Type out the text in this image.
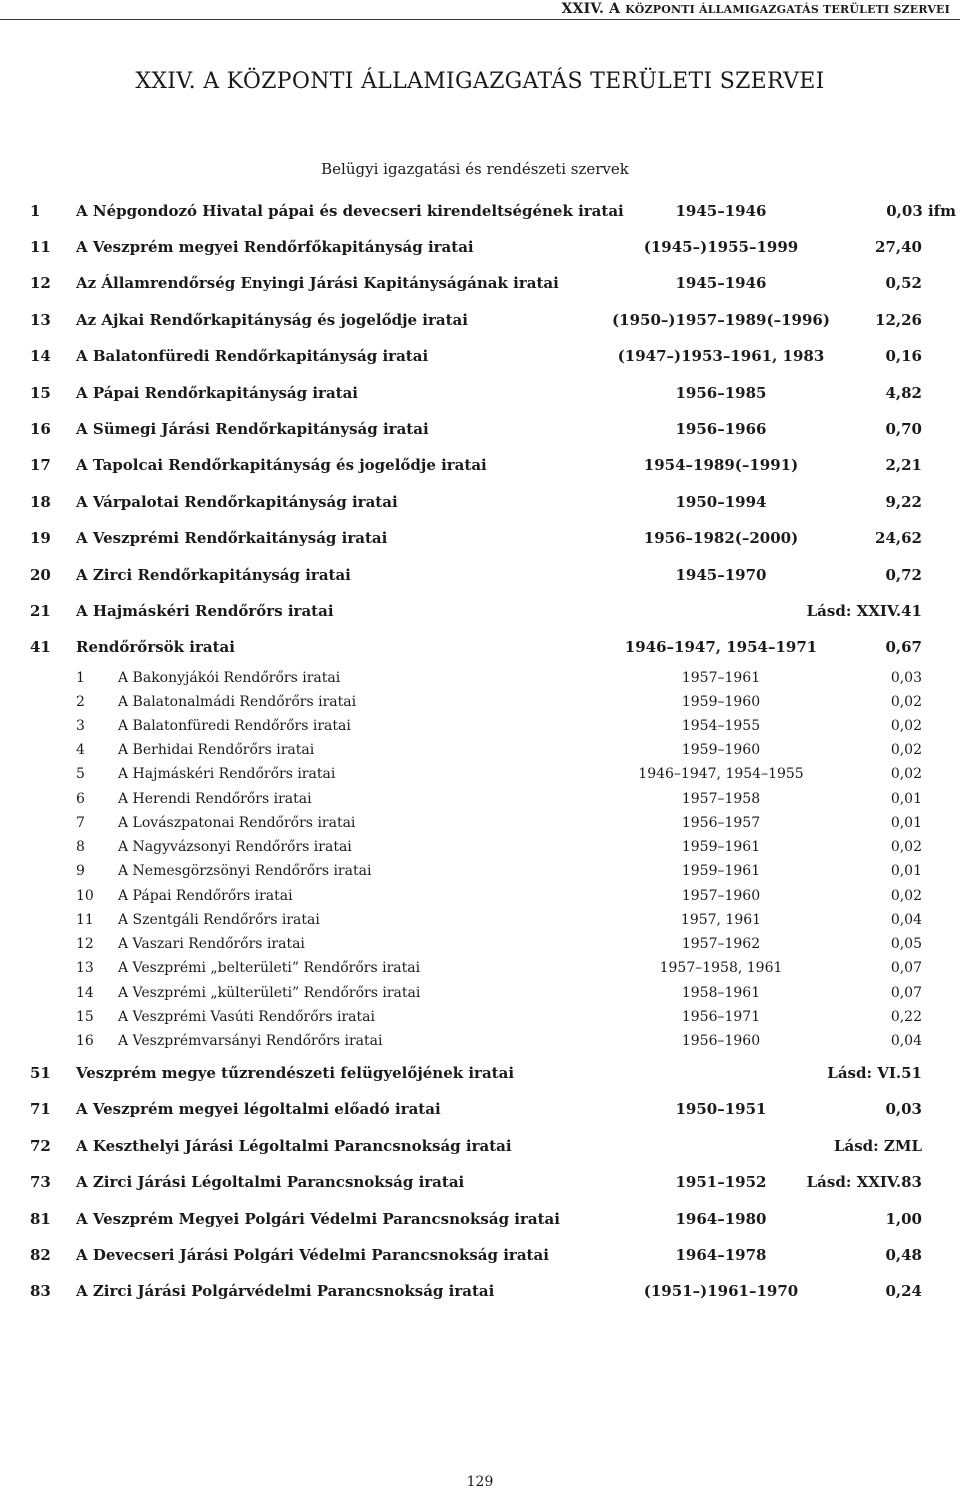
XXIV. A KÖZPONTI ÁLLAMIGAZGATÁS TERÜLETI SZERVEI
XXIV. A KÖZPONTI ÁLLAMIGAZGATÁS TERÜLETI SZERVEI
Belügyi igazgatási és rendészeti szervek
1 A Népgondozó Hivatal pápai és devecseri kirendeltségének iratai	1945–1946	0,03 ifm
11 A Veszprém megyei Rendőrfőkapitányság iratai	(1945–)1955–1999	27,40
12 Az Államrendőrség Enyingi Járási Kapitányságának iratai	1945–1946	0,52
13 Az Ajkai Rendőrkapitányság és jogelődje iratai	(1950–)1957–1989(–1996)	12,26
14 A Balatonfüredi Rendőrkapitányság iratai	(1947–)1953–1961, 1983	0,16
15 A Pápai Rendőrkapitányság iratai	1956–1985	4,82
16 A Sümegi Járási Rendőrkapitányság iratai	1956–1966	0,70
17 A Tapolcai Rendőrkapitányság és jogelődje iratai	1954–1989(–1991)	2,21
18 A Várpalotai Rendőrkapitányság iratai	1950–1994	9,22
19 A Veszprémi Rendőrkaitányság iratai	1956–1982(–2000)	24,62
20 A Zirci Rendőrkapitányság iratai	1945–1970	0,72
21 A Hajmáskéri Rendőrőrs iratai	Lásd: XXIV.41
41 Rendőrőrsök iratai	1946–1947, 1954–1971	0,67
1 A Bakonyjákói Rendőrőrs iratai	1957–1961	0,03
2 A Balatonalmádi Rendőrőrs iratai	1959–1960	0,02
3 A Balatonfüredi Rendőrőrs iratai	1954–1955	0,02
4 A Berhidai Rendőrőrs iratai	1959–1960	0,02
5 A Hajmáskéri Rendőrőrs iratai	1946–1947, 1954–1955	0,02
6 A Herendi Rendőrőrs iratai	1957–1958	0,01
7 A Lovászpatonai Rendőrőrs iratai	1956–1957	0,01
8 A Nagyvázsonyi Rendőrőrs iratai	1959–1961	0,02
9 A Nemesgörzsönyi Rendőrőrs iratai	1959–1961	0,01
10 A Pápai Rendőrőrs iratai	1957–1960	0,02
11 A Szentgáli Rendőrőrs iratai	1957, 1961	0,04
12 A Vaszari Rendőrőrs iratai	1957–1962	0,05
13 A Veszprémi „belterületi” Rendőrőrs iratai	1957–1958, 1961	0,07
14 A Veszprémi „külterületi” Rendőrőrs iratai	1958–1961	0,07
15 A Veszprémi Vasúti Rendőrőrs iratai	1956–1971	0,22
16 A Veszprémvarsányi Rendőrőrs iratai	1956–1960	0,04
51 Veszprém megye tűzrendészeti felügyelőjének iratai	Lásd: VI.51
71 A Veszprém megyei légoltalmi előadó iratai	1950–1951	0,03
72 A Keszthelyi Járási Légoltalmi Parancsnokság iratai	Lásd: ZML
73 A Zirci Járási Légoltalmi Parancsnokság iratai	1951–1952	Lásd: XXIV.83
81 A Veszprém Megyei Polgári Védelmi Parancsnokság iratai	1964–1980	1,00
82 A Devecseri Járási Polgári Védelmi Parancsnokság iratai	1964–1978	0,48
83 A Zirci Járási Polgárvédelmi Parancsnokság iratai	(1951–)1961–1970	0,24
129
